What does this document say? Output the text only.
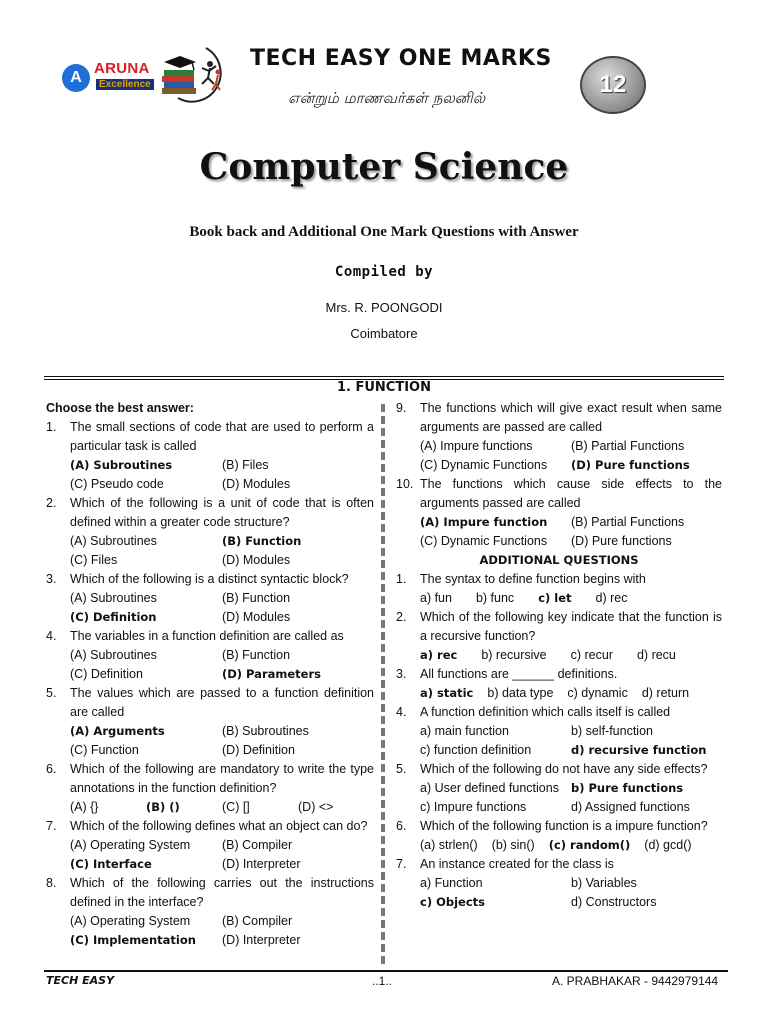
A
ARUNA
Excellence
TECH EASY ONE MARKS
என்றும் மாணவர்கள் நலனில்	12
Computer Science
Book back and Additional One Mark Questions with Answer
Compiled by
Mrs. R. POONGODI
Coimbatore
1. FUNCTION
Choose the best answer:
1.	The small sections of code that are used to perform a particular task is called
(A) Subroutines	(B) Files
(C) Pseudo code	(D) Modules
2.	Which of the following is a unit of code that is often defined within a greater code structure?
(A) Subroutines	(B) Function
(C) Files	(D) Modules
3.	Which of the following is a distinct syntactic block?
(A) Subroutines	(B) Function
(C) Definition	(D) Modules
4.	The variables in a function definition are called as
(A) Subroutines	(B) Function
(C) Definition	(D) Parameters
5.	The values which are passed to a function definition are called
(A) Arguments	(B) Subroutines
(C) Function	(D) Definition
6.	Which of the following are mandatory to write the type annotations in the function definition?
(A) {}	(B) ()	(C) []	(D) <>
7.	Which of the following defines what an object can do?
(A) Operating System	(B) Compiler
(C) Interface	(D) Interpreter
8.	Which of the following carries out the instructions defined in the interface?
(A) Operating System	(B) Compiler
(C) Implementation	(D) Interpreter
9.	The functions which will give exact result when same arguments are passed are called
(A) Impure functions	(B) Partial Functions
(C) Dynamic Functions	(D) Pure functions
10. The functions which cause side effects to the arguments passed are called
(A) Impure function	(B) Partial Functions
(C) Dynamic Functions	(D) Pure functions
ADDITIONAL QUESTIONS
1.	The syntax to define function begins with
a) fun b) func c) let d) rec
2.	Which of the following key indicate that the function is a recursive function?
a) rec b) recursive c) recur d) recu
3.	All functions are ______ definitions.
a) static b) data type c) dynamic d) return
4.	A function definition which calls itself is called
a) main function	b) self-function
c) function definition	d) recursive function
5.	Which of the following do not have any side effects?
a) User defined functions	b) Pure functions
c) Impure functions	d) Assigned functions
6.	Which of the following function is a impure function?
(a) strlen() (b) sin() (c) random() (d) gcd()
7.	An instance created for the class is
a) Function	b) Variables
c) Objects	d) Constructors
TECH EASY	..1..	A. PRABHAKAR - 9442979144
